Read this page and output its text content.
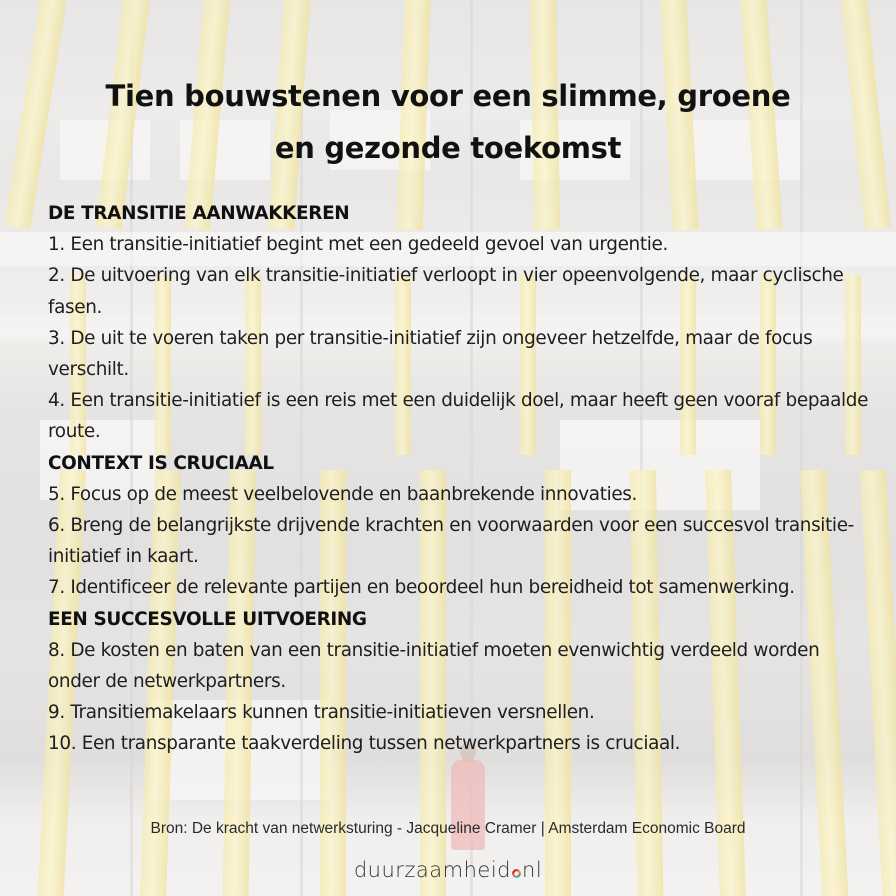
Tien bouwstenen voor een slimme, groene
en gezonde toekomst
DE TRANSITIE AANWAKKEREN
1. Een transitie-initiatief begint met een gedeeld gevoel van urgentie.
2. De uitvoering van elk transitie-initiatief verloopt in vier opeenvolgende, maar cyclische fasen.
3. De uit te voeren taken per transitie-initiatief zijn ongeveer hetzelfde, maar de focus verschilt.
4. Een transitie-initiatief is een reis met een duidelijk doel, maar heeft geen vooraf bepaalde route.
CONTEXT IS CRUCIAAL
5. Focus op de meest veelbelovende en baanbrekende innovaties.
6. Breng de belangrijkste drijvende krachten en voorwaarden voor een succesvol transitie-initiatief in kaart.
7. Identificeer de relevante partijen en beoordeel hun bereidheid tot samenwerking.
EEN SUCCESVOLLE UITVOERING
8. De kosten en baten van een transitie-initiatief moeten evenwichtig verdeeld worden onder de netwerkpartners.
9. Transitiemakelaars kunnen transitie-initiatieven versnellen.
10. Een transparante taakverdeling tussen netwerkpartners is cruciaal.
Bron: De kracht van netwerksturing - Jacqueline Cramer | Amsterdam Economic Board
duurzaamheid nl
